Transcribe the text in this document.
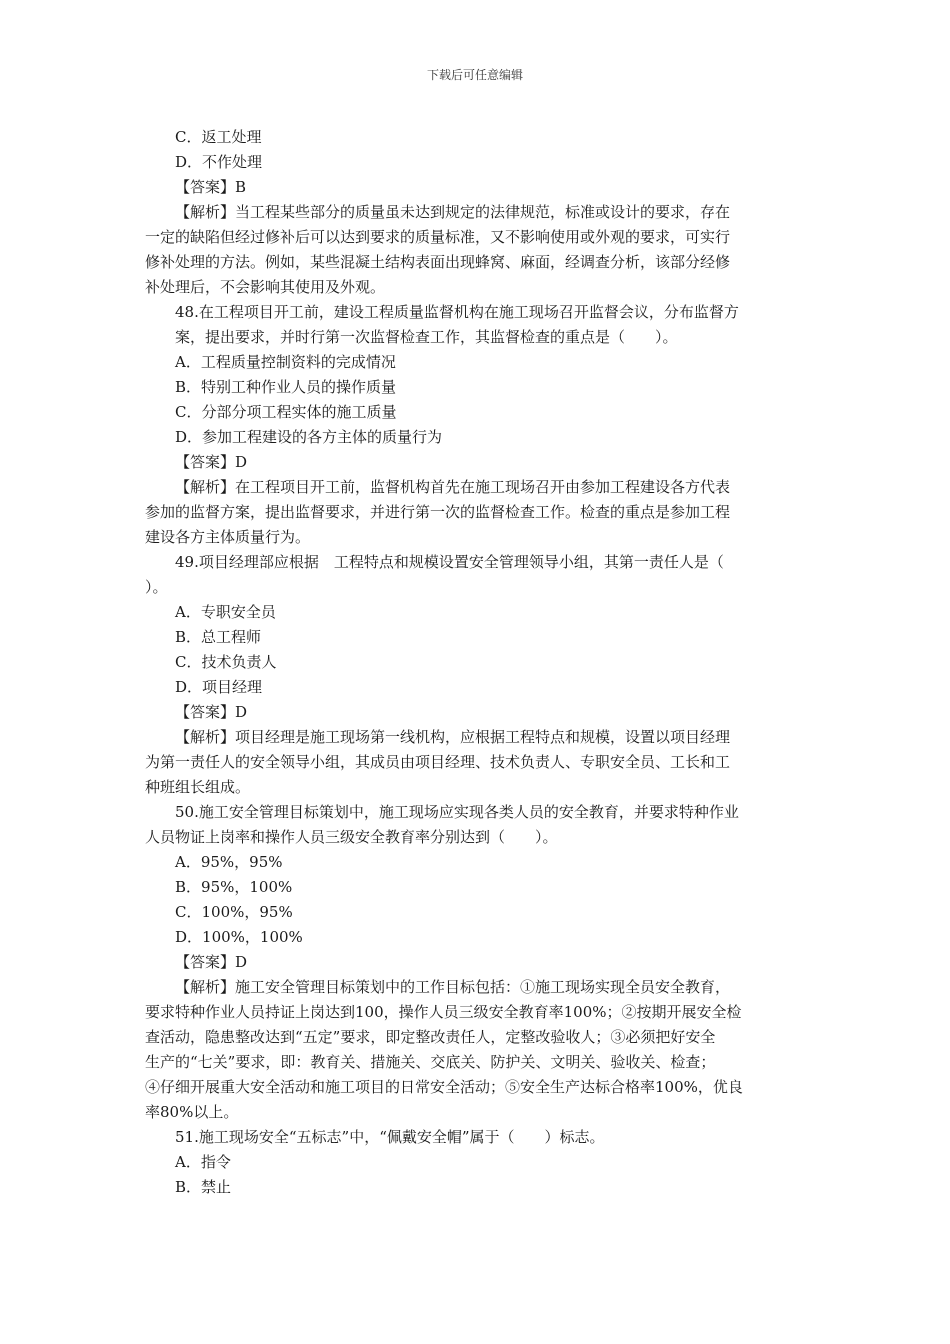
下载后可任意编辑
C．返工处理
D．不作处理
【答案】B
【解析】当工程某些部分的质量虽未达到规定的法律规范，标准或设计的要求，存在
一定的缺陷但经过修补后可以达到要求的质量标准，又不影响使用或外观的要求，可实行
修补处理的方法。例如，某些混凝土结构表面出现蜂窝、麻面，经调查分析，该部分经修
补处理后，不会影响其使用及外观。
48.在工程项目开工前，建设工程质量监督机构在施工现场召开监督会议，分布监督方
案，提出要求，并时行第一次监督检查工作，其监督检查的重点是（　　）。
A．工程质量控制资料的完成情况
B．特别工种作业人员的操作质量
C．分部分项工程实体的施工质量
D．参加工程建设的各方主体的质量行为
【答案】D
【解析】在工程项目开工前，监督机构首先在施工现场召开由参加工程建设各方代表
参加的监督方案，提出监督要求，并进行第一次的监督检查工作。检查的重点是参加工程
建设各方主体质量行为。
49.项目经理部应根据　工程特点和规模设置安全管理领导小组，其第一责任人是（
）。
A．专职安全员
B．总工程师
C．技术负责人
D．项目经理
【答案】D
【解析】项目经理是施工现场第一线机构，应根据工程特点和规模，设置以项目经理
为第一责任人的安全领导小组，其成员由项目经理、技术负责人、专职安全员、工长和工
种班组长组成。
50.施工安全管理目标策划中，施工现场应实现各类人员的安全教育，并要求特种作业
人员物证上岗率和操作人员三级安全教育率分别达到（　　）。
A．95%，95%
B．95%，100%
C．100%，95%
D．100%，100%
【答案】D
【解析】施工安全管理目标策划中的工作目标包括：①施工现场实现全员安全教育，
要求特种作业人员持证上岗达到100，操作人员三级安全教育率100%；②按期开展安全检
查活动，隐患整改达到“五定”要求，即定整改责任人，定整改验收人；③必须把好安全
生产的“七关”要求，即：教育关、措施关、交底关、防护关、文明关、验收关、检查；
④仔细开展重大安全活动和施工项目的日常安全活动；⑤安全生产达标合格率100%，优良
率80%以上。
51.施工现场安全“五标志”中，“佩戴安全帽”属于（　　）标志。
A．指令
B．禁止
